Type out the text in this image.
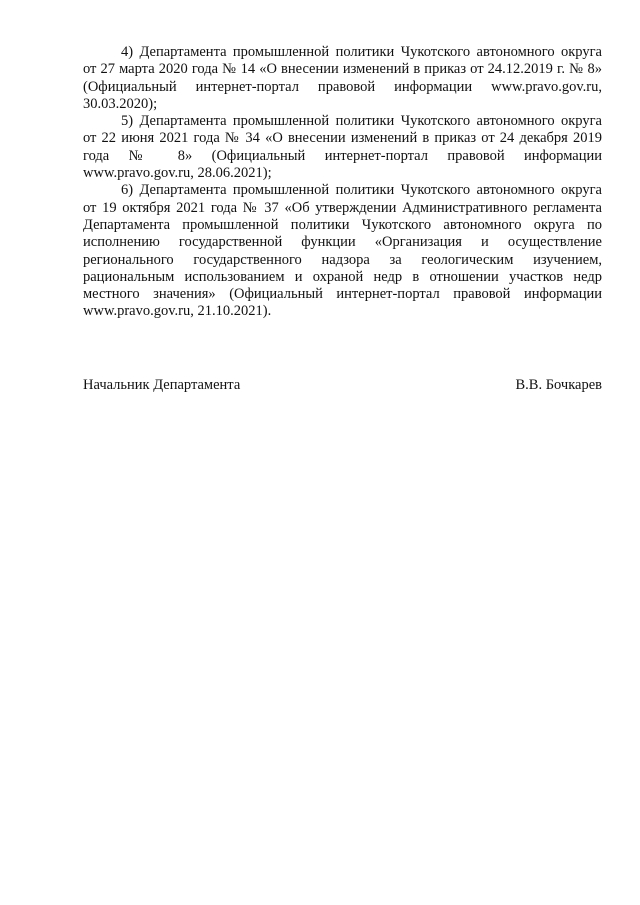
4) Департамента промышленной политики Чукотского автономного округа от 27 марта 2020 года № 14 «О внесении изменений в приказ от 24.12.2019 г. № 8» (Официальный интернет-портал правовой информации www.pravo.gov.ru, 30.03.2020);

5) Департамента промышленной политики Чукотского автономного округа от 22 июня 2021 года № 34 «О внесении изменений в приказ от 24 декабря 2019 года № 8» (Официальный интернет-портал правовой информации www.pravo.gov.ru, 28.06.2021);

6) Департамента промышленной политики Чукотского автономного округа от 19 октября 2021 года № 37 «Об утверждении Административного регламента Департамента промышленной политики Чукотского автономного округа по исполнению государственной функции «Организация и осуществление регионального государственного надзора за геологическим изучением, рациональным использованием и охраной недр в отношении участков недр местного значения» (Официальный интернет-портал правовой информации www.pravo.gov.ru, 21.10.2021).

Начальник Департамента	В.В. Бочкарев
